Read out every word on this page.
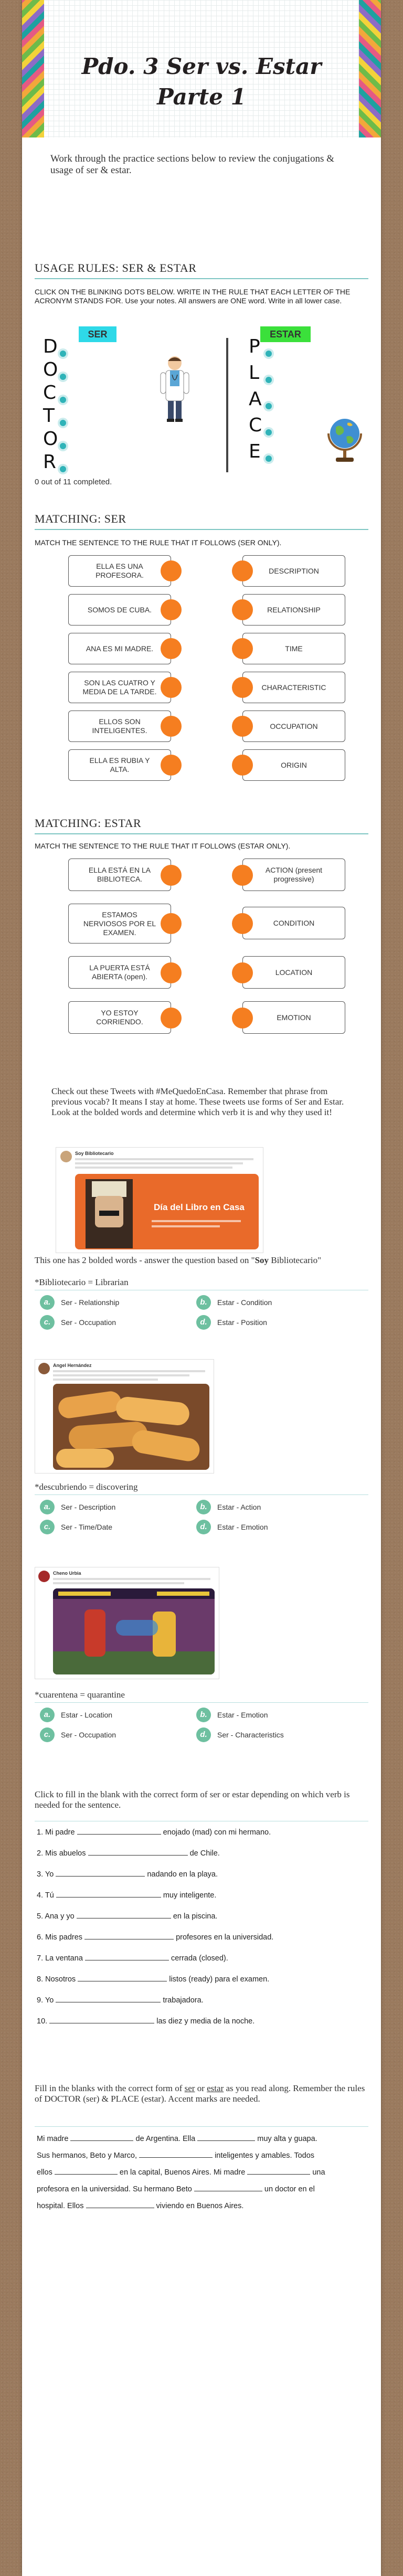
Pdo. 3 Ser vs. Estar
Parte 1
Work through the practice sections below to review the conjugations & usage of ser & estar.
USAGE RULES: SER & ESTAR
CLICK ON THE BLINKING DOTS BELOW. WRITE IN THE RULE THAT EACH LETTER OF THE ACRONYM STANDS FOR. Use your notes. All answers are ONE word. Write in all lower case.
SER	ESTAR
D
O
C
T
O
R
P
L
A
C
E
0 out of 11 completed.
MATCHING: SER
MATCH THE SENTENCE TO THE RULE THAT IT FOLLOWS (SER ONLY).
ELLA ES UNA PROFESORA.
SOMOS DE CUBA.
ANA ES MI MADRE.
SON LAS CUATRO Y MEDIA DE LA TARDE.
ELLOS SON INTELIGENTES.
ELLA ES RUBIA Y ALTA.
DESCRIPTION
RELATIONSHIP
TIME
CHARACTERISTIC
OCCUPATION
ORIGIN
MATCHING: ESTAR
MATCH THE SENTENCE TO THE RULE THAT IT FOLLOWS (ESTAR ONLY).
ELLA ESTÁ EN LA BIBLIOTECA.
ESTAMOS NERVIOSOS POR EL EXAMEN.
LA PUERTA ESTÁ ABIERTA (open).
YO ESTOY CORRIENDO.
ACTION (present progressive)
CONDITION
LOCATION
EMOTION
Check out these Tweets with #MeQuedoEnCasa. Remember that phrase from previous vocab? It means I stay at home. These tweets use forms of Ser and Estar. Look at the bolded words and determine which verb it is and why they used it!
Soy Bibliotecario
Día del Libro en Casa
This one has 2 bolded words - answer the question based on "Soy Bibliotecario"
*Bibliotecario = Librarian
a.	Ser - Relationship	b.	Estar - Condition
c.	Ser - Occupation	d.	Estar - Position
Angel Hernández
*descubriendo = discovering
a.	Ser - Description	b.	Estar - Action
c.	Ser - Time/Date	d.	Estar - Emotion
Cheno Urbia
*cuarentena = quarantine
a.	Estar - Location	b.	Estar - Emotion
c.	Ser - Occupation	d.	Ser - Characteristics
Click to fill in the blank with the correct form of ser or estar depending on which verb is needed for the sentence.
1. Mi padre	enojado (mad) con mi hermano.
2. Mis abuelos	de Chile.
3. Yo	nadando en la playa.
4. Tú	muy inteligente.
5. Ana y yo	en la piscina.
6. Mis padres	profesores en la universidad.
7. La ventana	cerrada (closed).
8. Nosotros	listos (ready) para el examen.
9. Yo	trabajadora.
10.	las diez y media de la noche.
Fill in the blanks with the correct form of ser or estar as you read along. Remember the rules of DOCTOR (ser) & PLACE (estar). Accent marks are needed.
Mi madre	de Argentina. Ella	muy alta y guapa.
Sus hermanos, Beto y Marco,	inteligentes y amables. Todos
ellos	en la capital, Buenos Aires. Mi madre	una
profesora en la universidad. Su hermano Beto	un doctor en el
hospital. Ellos	viviendo en Buenos Aires.
